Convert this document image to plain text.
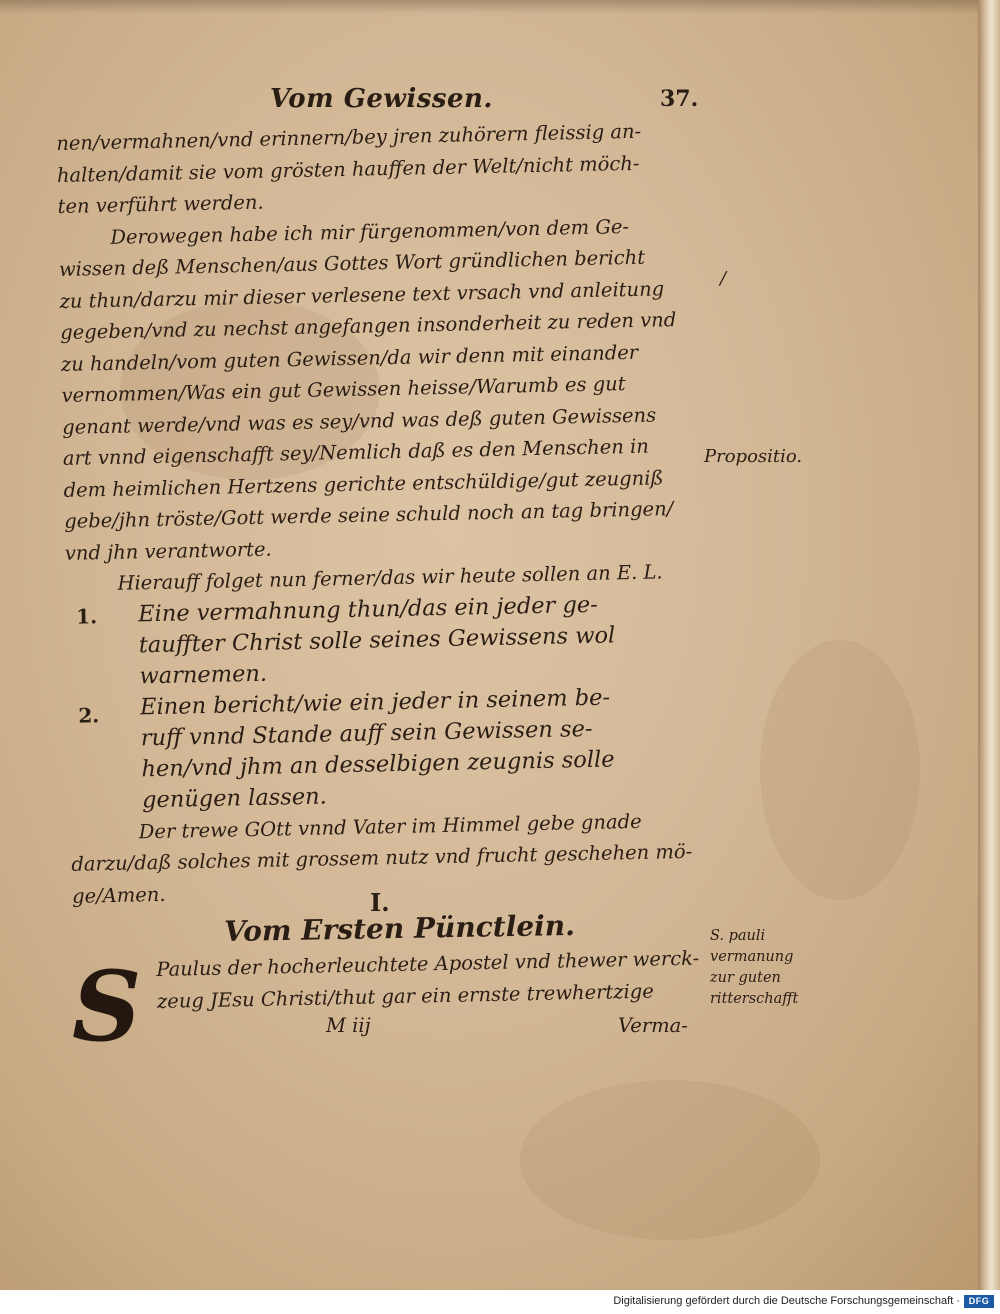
Vom Gewissen.	37.
nen/vermahnen/vnd erinnern/bey jren zuhörern fleissig an-
halten/damit sie vom grösten hauffen der Welt/nicht möch-
ten verführt werden.
Derowegen habe ich mir fürgenommen/von dem Ge-
wissen deß Menschen/aus Gottes Wort gründlichen bericht
zu thun/darzu mir dieser verlesene text vrsach vnd anleitung
gegeben/vnd zu nechst angefangen insonderheit zu reden vnd
zu handeln/vom guten Gewissen/da wir denn mit einander
vernommen/Was ein gut Gewissen heisse/Warumb es gut
genant werde/vnd was es sey/vnd was deß guten Gewissens
art vnnd eigenschafft sey/Nemlich daß es den Menschen in
dem heimlichen Hertzens gerichte entschüldige/gut zeugniß
gebe/jhn tröste/Gott werde seine schuld noch an tag bringen/
vnd jhn verantworte.
Hierauff folget nun ferner/das wir heute sollen an E. L.
1.	Eine vermahnung thun/das ein jeder ge-
tauffter Christ solle seines Gewissens wol
warnemen.
2.	Einen bericht/wie ein jeder in seinem be-
ruff vnnd Stande auff sein Gewissen se-
hen/vnd jhm an desselbigen zeugnis solle
genügen lassen.
Der trewe GOtt vnnd Vater im Himmel gebe gnade
darzu/daß solches mit grossem nutz vnd frucht geschehen mö-
ge/Amen.	I.
Vom Ersten Pünctlein.
S Paulus der hocherleuchtete Apostel vnd thewer werck-
zeug JEsu Christi/thut gar ein ernste trewhertzige
M iij	Verma-
/
Propositio.
S. pauli
vermanung
zur guten
ritterschafft
Digitalisierung gefördert durch die Deutsche Forschungsgemeinschaft · DFG
